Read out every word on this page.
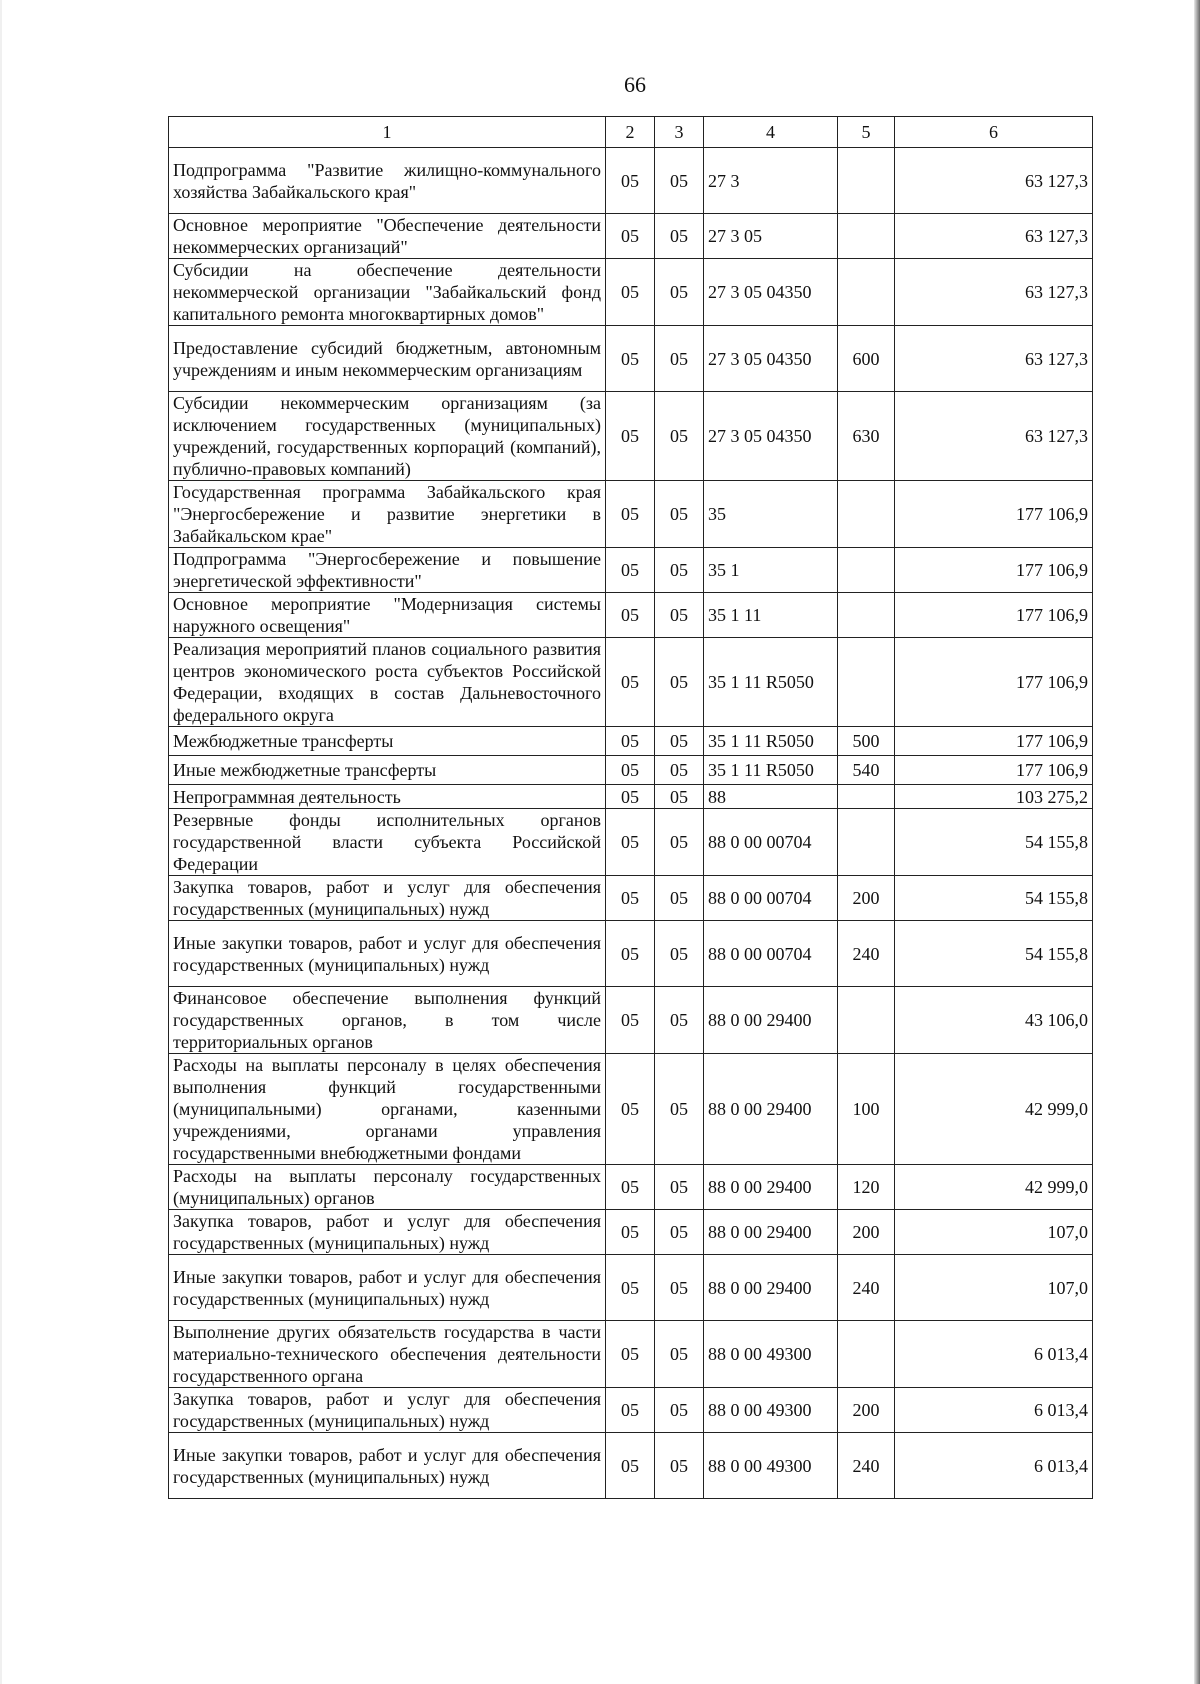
66
1	2	3	4	5	6
Подпрограмма "Развитие жилищно-коммунального хозяйства Забайкальского края"	05	05	27 3		63 127,3
Основное мероприятие "Обеспечение деятельности некоммерческих организаций"	05	05	27 3 05		63 127,3
Субсидии на обеспечение деятельности некоммерческой организации "Забайкальский фонд капитального ремонта многоквартирных домов"	05	05	27 3 05 04350		63 127,3
Предоставление субсидий бюджетным, автономным учреждениям и иным некоммерческим организациям	05	05	27 3 05 04350	600	63 127,3
Субсидии некоммерческим организациям (за исключением государственных (муниципальных) учреждений, государственных корпораций (компаний), публично-правовых компаний)	05	05	27 3 05 04350	630	63 127,3
Государственная программа Забайкальского края "Энергосбережение и развитие энергетики в Забайкальском крае"	05	05	35		177 106,9
Подпрограмма "Энергосбережение и повышение энергетической эффективности"	05	05	35 1		177 106,9
Основное мероприятие "Модернизация системы наружного освещения"	05	05	35 1 11		177 106,9
Реализация мероприятий планов социального развития центров экономического роста субъектов Российской Федерации, входящих в состав Дальневосточного федерального округа	05	05	35 1 11 R5050		177 106,9
Межбюджетные трансферты	05	05	35 1 11 R5050	500	177 106,9
Иные межбюджетные трансферты	05	05	35 1 11 R5050	540	177 106,9
Непрограммная деятельность	05	05	88		103 275,2
Резервные фонды исполнительных органов государственной власти субъекта Российской Федерации	05	05	88 0 00 00704		54 155,8
Закупка товаров, работ и услуг для обеспечения государственных (муниципальных) нужд	05	05	88 0 00 00704	200	54 155,8
Иные закупки товаров, работ и услуг для обеспечения государственных (муниципальных) нужд	05	05	88 0 00 00704	240	54 155,8
Финансовое обеспечение выполнения функций государственных органов, в том числе территориальных органов	05	05	88 0 00 29400		43 106,0
Расходы на выплаты персоналу в целях обеспечения выполнения функций государственными (муниципальными) органами, казенными учреждениями, органами управления государственными внебюджетными фондами	05	05	88 0 00 29400	100	42 999,0
Расходы на выплаты персоналу государственных (муниципальных) органов	05	05	88 0 00 29400	120	42 999,0
Закупка товаров, работ и услуг для обеспечения государственных (муниципальных) нужд	05	05	88 0 00 29400	200	107,0
Иные закупки товаров, работ и услуг для обеспечения государственных (муниципальных) нужд	05	05	88 0 00 29400	240	107,0
Выполнение других обязательств государства в части материально-технического обеспечения деятельности государственного органа	05	05	88 0 00 49300		6 013,4
Закупка товаров, работ и услуг для обеспечения государственных (муниципальных) нужд	05	05	88 0 00 49300	200	6 013,4
Иные закупки товаров, работ и услуг для обеспечения государственных (муниципальных) нужд	05	05	88 0 00 49300	240	6 013,4
